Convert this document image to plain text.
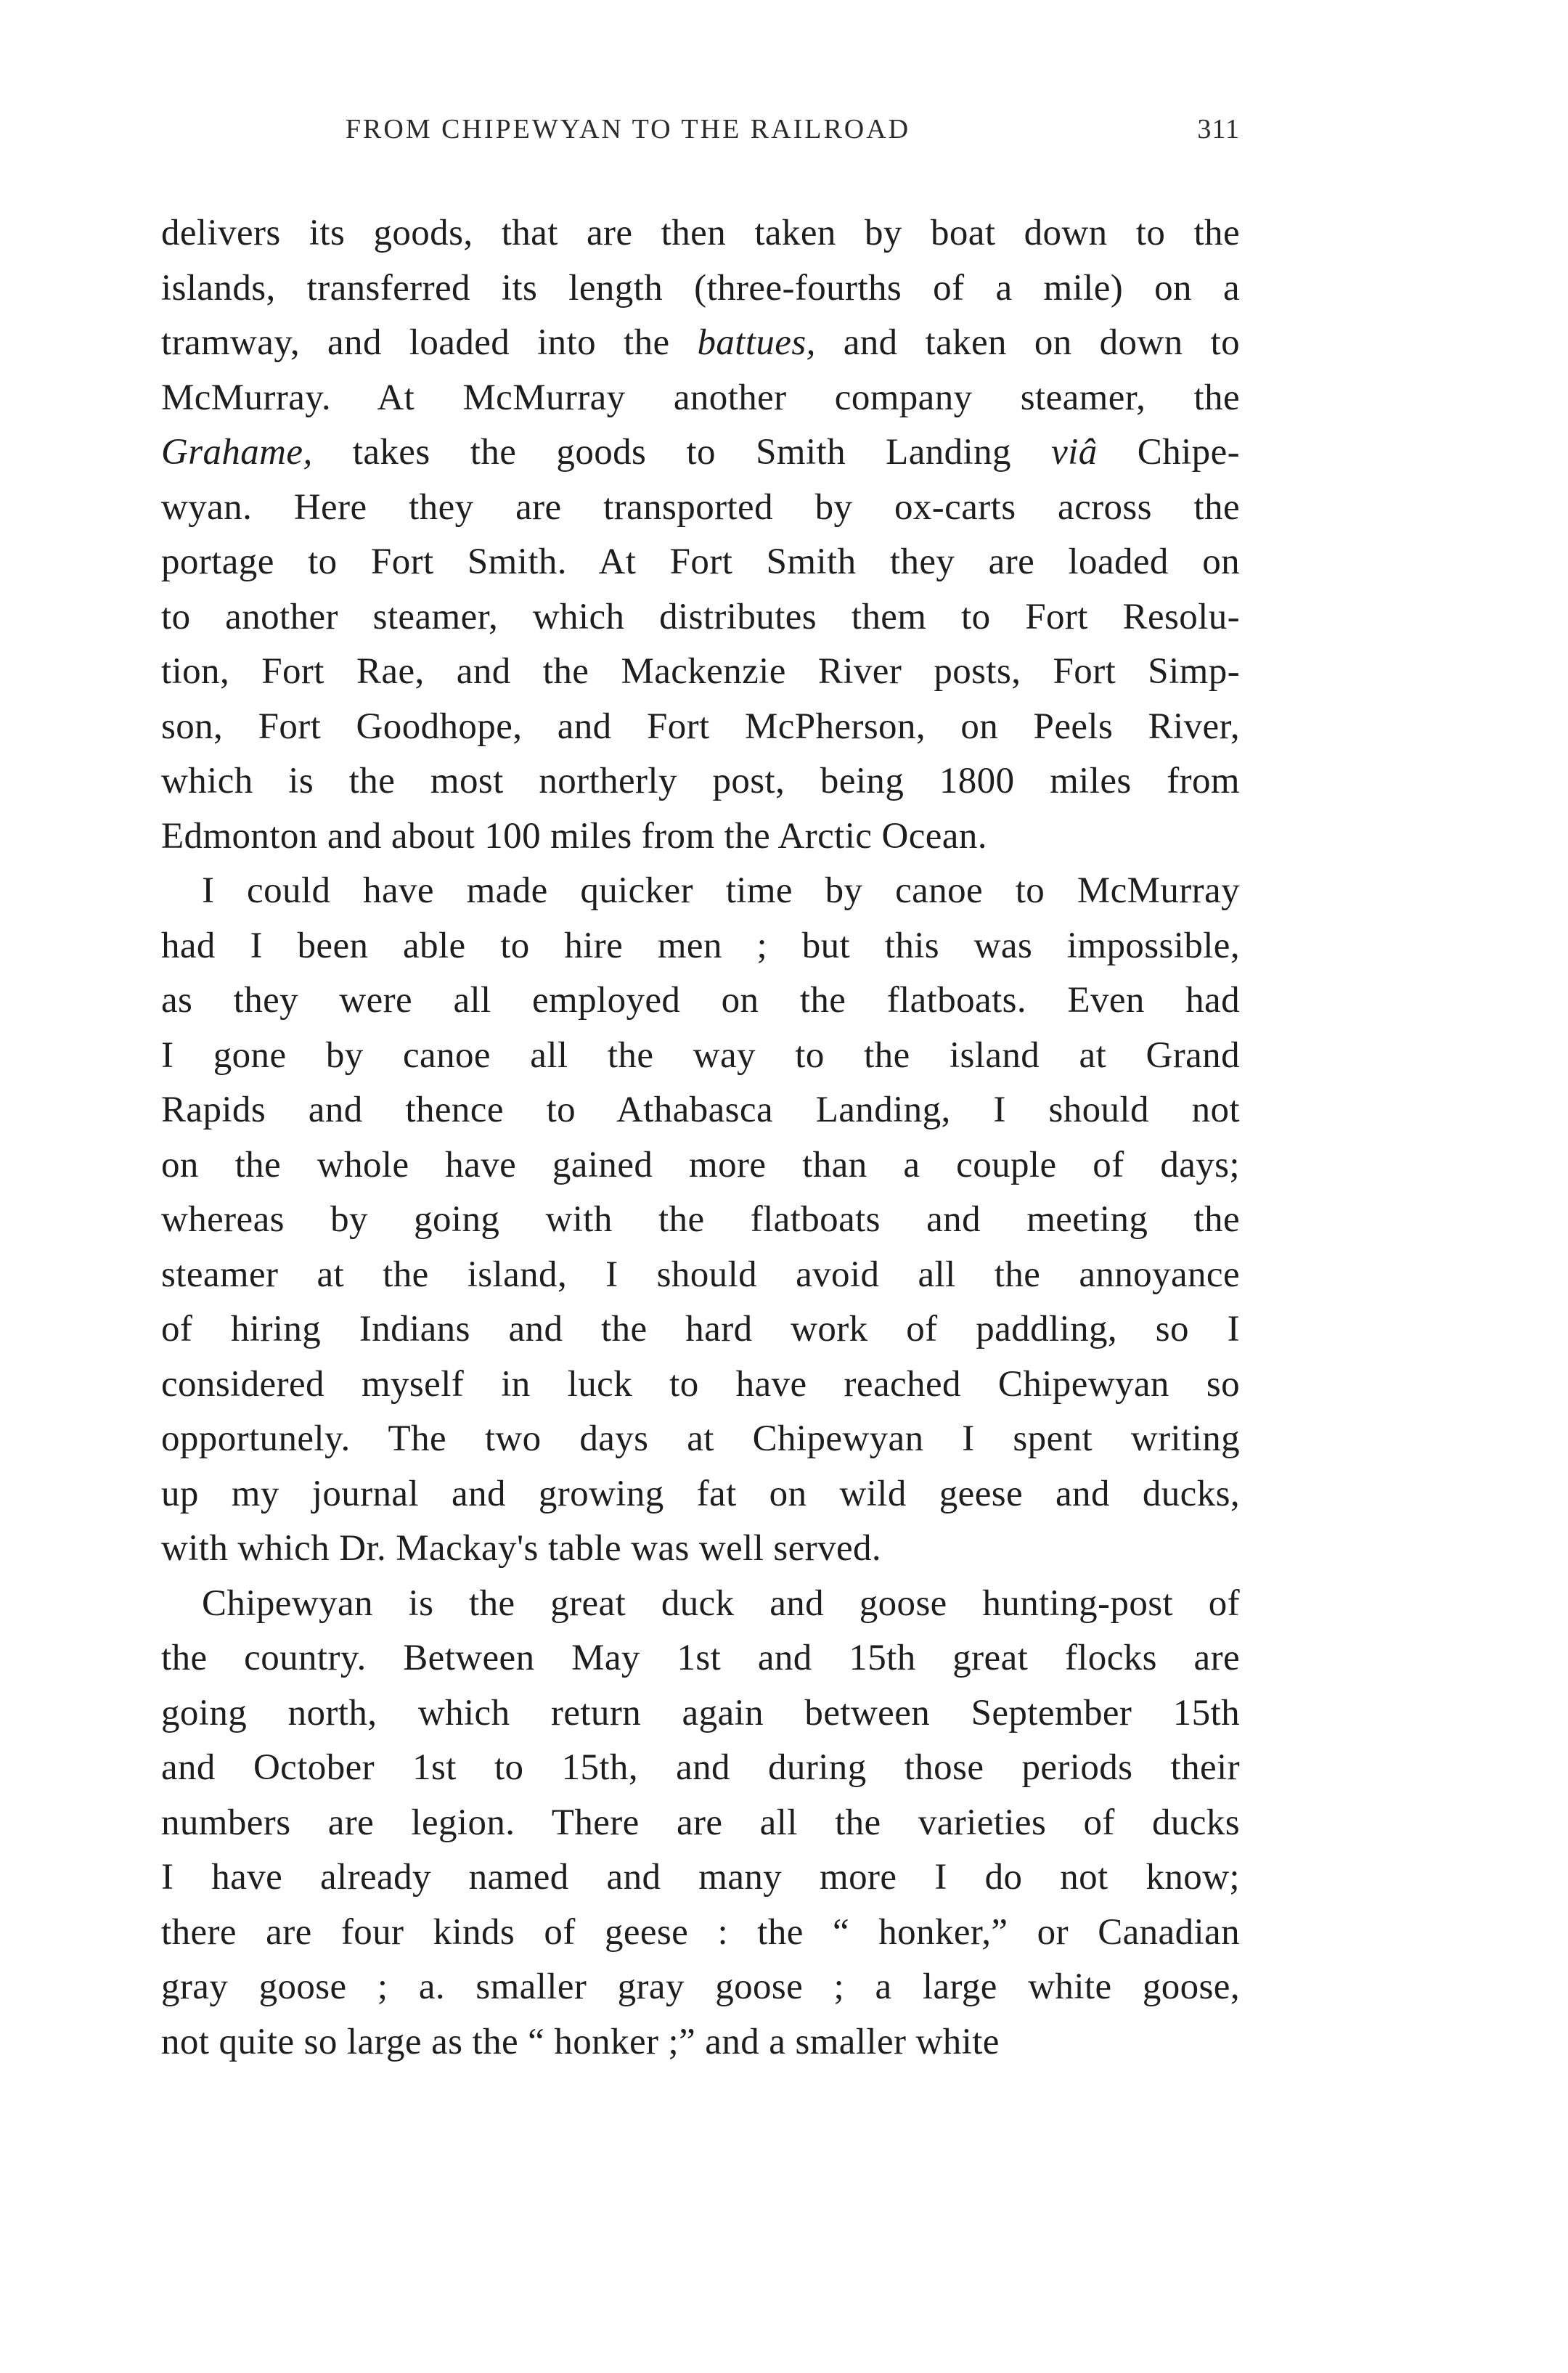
FROM CHIPEWYAN TO THE RAILROAD	311
delivers its goods, that are then taken by boat down to the
islands, transferred its length (three-fourths of a mile) on a
tramway, and loaded into the battues, and taken on down to
McMurray. At McMurray another company steamer, the
Grahame, takes the goods to Smith Landing viâ Chipe-
wyan. Here they are transported by ox-carts across the
portage to Fort Smith. At Fort Smith they are loaded on
to another steamer, which distributes them to Fort Resolu-
tion, Fort Rae, and the Mackenzie River posts, Fort Simp-
son, Fort Goodhope, and Fort McPherson, on Peels River,
which is the most northerly post, being 1800 miles from
Edmonton and about 100 miles from the Arctic Ocean.
I could have made quicker time by canoe to McMurray
had I been able to hire men ; but this was impossible,
as they were all employed on the flatboats. Even had
I gone by canoe all the way to the island at Grand
Rapids and thence to Athabasca Landing, I should not
on the whole have gained more than a couple of days;
whereas by going with the flatboats and meeting the
steamer at the island, I should avoid all the annoyance
of hiring Indians and the hard work of paddling, so I
considered myself in luck to have reached Chipewyan so
opportunely. The two days at Chipewyan I spent writing
up my journal and growing fat on wild geese and ducks,
with which Dr. Mackay's table was well served.
Chipewyan is the great duck and goose hunting-post of
the country. Between May 1st and 15th great flocks are
going north, which return again between September 15th
and October 1st to 15th, and during those periods their
numbers are legion. There are all the varieties of ducks
I have already named and many more I do not know;
there are four kinds of geese : the “ honker,” or Canadian
gray goose ; a. smaller gray goose ; a large white goose,
not quite so large as the “ honker ;” and a smaller white
